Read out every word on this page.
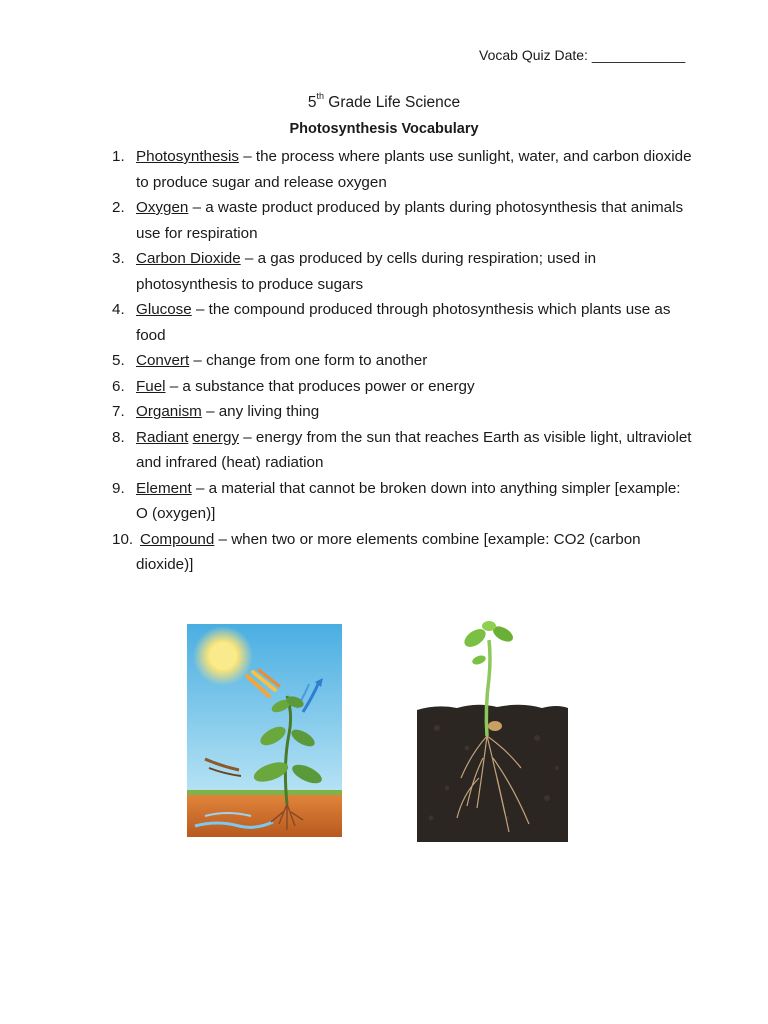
Vocab Quiz Date: ____________
5th Grade Life Science
Photosynthesis Vocabulary
1. Photosynthesis – the process where plants use sunlight, water, and carbon dioxide to produce sugar and release oxygen
2. Oxygen – a waste product produced by plants during photosynthesis that animals use for respiration
3. Carbon Dioxide – a gas produced by cells during respiration; used in photosynthesis to produce sugars
4. Glucose – the compound produced through photosynthesis which plants use as food
5. Convert – change from one form to another
6. Fuel – a substance that produces power or energy
7. Organism – any living thing
8. Radiant energy – energy from the sun that reaches Earth as visible light, ultraviolet and infrared (heat) radiation
9. Element – a material that cannot be broken down into anything simpler [example: O (oxygen)]
10. Compound – when two or more elements combine [example: CO2 (carbon dioxide)]
